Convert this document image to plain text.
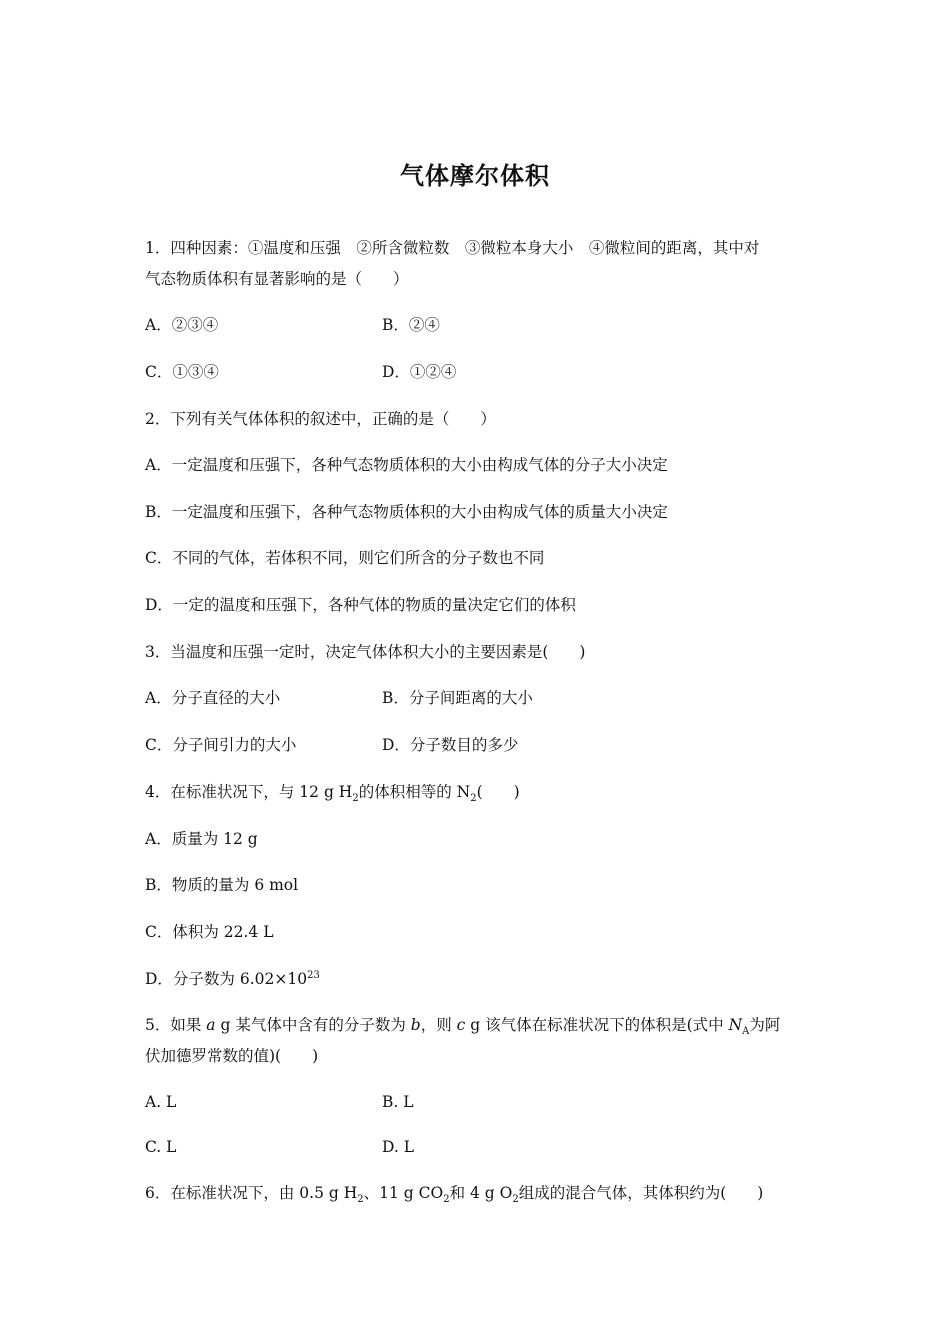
气体摩尔体积
1．四种因素：①温度和压强　②所含微粒数　③微粒本身大小　④微粒间的距离，其中对
气态物质体积有显著影响的是（　　）
A．②③④	B．②④
C．①③④	D．①②④
2．下列有关气体体积的叙述中，正确的是（　　）
A．一定温度和压强下，各种气态物质体积的大小由构成气体的分子大小决定
B．一定温度和压强下，各种气态物质体积的大小由构成气体的质量大小决定
C．不同的气体，若体积不同，则它们所含的分子数也不同
D．一定的温度和压强下，各种气体的物质的量决定它们的体积
3．当温度和压强一定时，决定气体体积大小的主要因素是(　　)
A．分子直径的大小	B．分子间距离的大小
C．分子间引力的大小	D．分子数目的多少
4．在标准状况下，与 12 g $H_2$的体积相等的 $N_2$(　　)
A．质量为 12 g
B．物质的量为 6 mol
C．体积为 22.4 L
D．分子数为 $6.02\times 10^{23}$
5．如果 a g 某气体中含有的分子数为 b，则 c g 该气体在标准状况下的体积是(式中 $N_A$为阿
伏加德罗常数的值)(　　)
A. L	B. L
C. L	D. L
6．在标准状况下，由 0.5 g $H_2$、11 g $CO_2$和 4 g $O_2$组成的混合气体，其体积约为(　　)
